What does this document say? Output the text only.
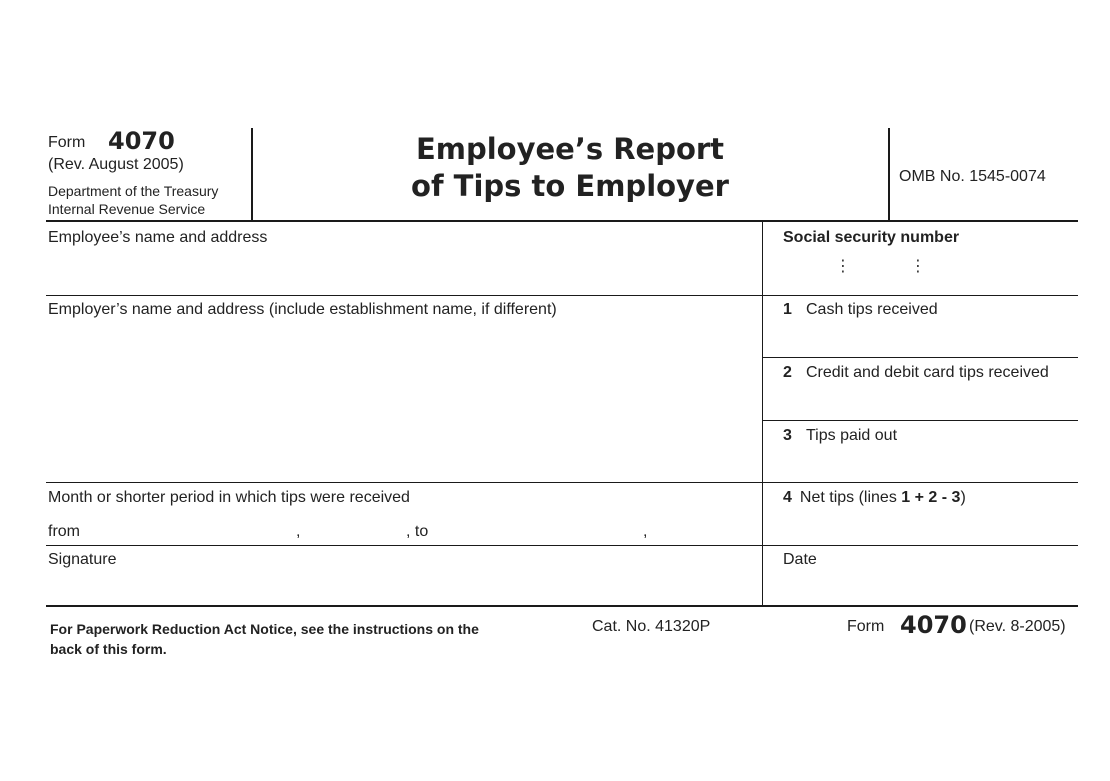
Form 4070
(Rev. August 2005)
Department of the Treasury
Internal Revenue Service
Employee’s Report
of Tips to Employer	OMB No. 1545-0074
Employee’s name and address	Social security number
⋮	⋮
Employer’s name and address (include establishment name, if different)	1 Cash tips received
2 Credit and debit card tips received
3 Tips paid out
Month or shorter period in which tips were received
from	,	, to	,
4 Net tips (lines 1 + 2 - 3)
Signature	Date
For Paperwork Reduction Act Notice, see the instructions on the
back of this form.
Cat. No. 41320P	Form 4070 (Rev. 8-2005)
